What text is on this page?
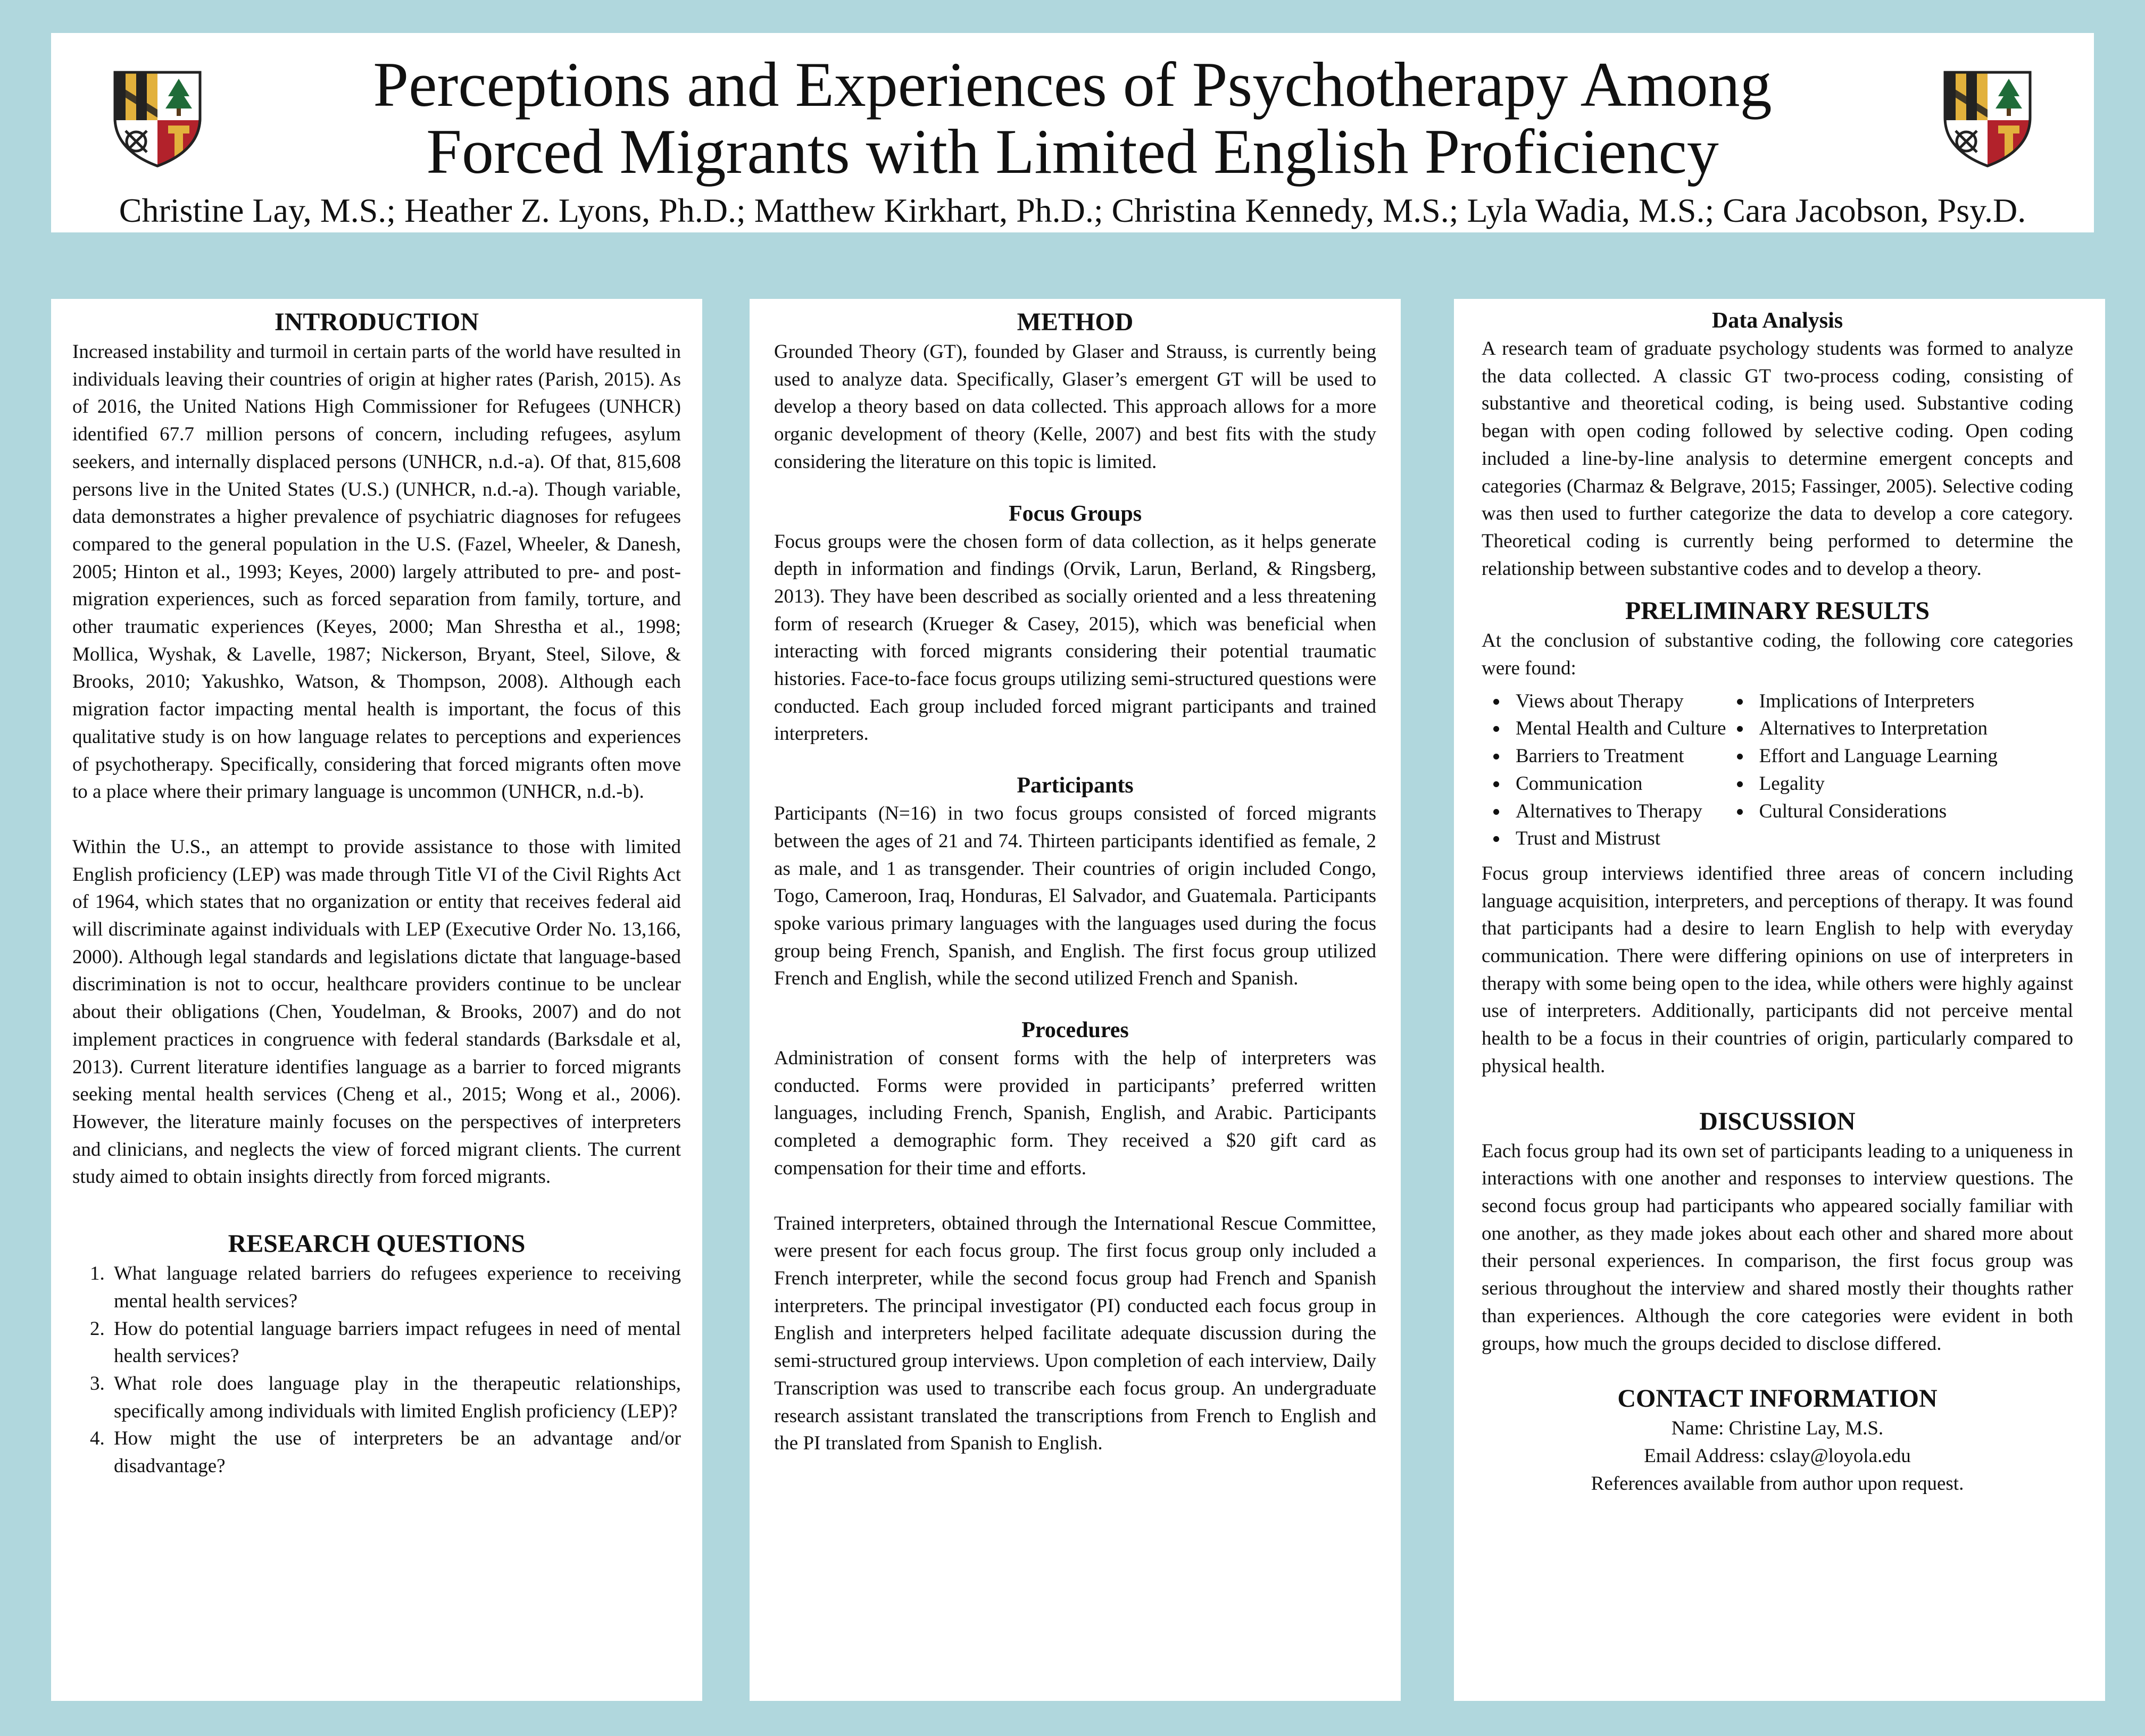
Perceptions and Experiences of Psychotherapy Among
Forced Migrants with Limited English Proficiency
Christine Lay, M.S.; Heather Z. Lyons, Ph.D.; Matthew Kirkhart, Ph.D.; Christina Kennedy, M.S.; Lyla Wadia, M.S.; Cara Jacobson, Psy.D.
INTRODUCTION

Increased instability and turmoil in certain parts of the world have resulted in individuals leaving their countries of origin at higher rates (Parish, 2015). As of 2016, the United Nations High Commissioner for Refugees (UNHCR) identified 67.7 million persons of concern, including refugees, asylum seekers, and internally displaced persons (UNHCR, n.d.-a). Of that, 815,608 persons live in the United States (U.S.) (UNHCR, n.d.-a). Though variable, data demonstrates a higher prevalence of psychiatric diagnoses for refugees compared to the general population in the U.S. (Fazel, Wheeler, & Danesh, 2005; Hinton et al., 1993; Keyes, 2000) largely attributed to pre- and post-migration experiences, such as forced separation from family, torture, and other traumatic experiences (Keyes, 2000; Man Shrestha et al., 1998; Mollica, Wyshak, & Lavelle, 1987; Nickerson, Bryant, Steel, Silove, & Brooks, 2010; Yakushko, Watson, & Thompson, 2008). Although each migration factor impacting mental health is important, the focus of this qualitative study is on how language relates to perceptions and experiences of psychotherapy. Specifically, considering that forced migrants often move to a place where their primary language is uncommon (UNHCR, n.d.-b).

Within the U.S., an attempt to provide assistance to those with limited English proficiency (LEP) was made through Title VI of the Civil Rights Act of 1964, which states that no organization or entity that receives federal aid will discriminate against individuals with LEP (Executive Order No. 13,166, 2000). Although legal standards and legislations dictate that language-based discrimination is not to occur, healthcare providers continue to be unclear about their obligations (Chen, Youdelman, & Brooks, 2007) and do not implement practices in congruence with federal standards (Barksdale et al, 2013). Current literature identifies language as a barrier to forced migrants seeking mental health services (Cheng et al., 2015; Wong et al., 2006). However, the literature mainly focuses on the perspectives of interpreters and clinicians, and neglects the view of forced migrant clients. The current study aimed to obtain insights directly from forced migrants.

RESEARCH QUESTIONS
1. What language related barriers do refugees experience to receiving mental health services?
2. How do potential language barriers impact refugees in need of mental health services?
3. What role does language play in the therapeutic relationships, specifically among individuals with limited English proficiency (LEP)?
4. How might the use of interpreters be an advantage and/or disadvantage?
METHOD

Grounded Theory (GT), founded by Glaser and Strauss, is currently being used to analyze data. Specifically, Glaser’s emergent GT will be used to develop a theory based on data collected. This approach allows for a more organic development of theory (Kelle, 2007) and best fits with the study considering the literature on this topic is limited.

Focus Groups

Focus groups were the chosen form of data collection, as it helps generate depth in information and findings (Orvik, Larun, Berland, & Ringsberg, 2013). They have been described as socially oriented and a less threatening form of research (Krueger & Casey, 2015), which was beneficial when interacting with forced migrants considering their potential traumatic histories. Face-to-face focus groups utilizing semi-structured questions were conducted. Each group included forced migrant participants and trained interpreters.

Participants

Participants (N=16) in two focus groups consisted of forced migrants between the ages of 21 and 74. Thirteen participants identified as female, 2 as male, and 1 as transgender. Their countries of origin included Congo, Togo, Cameroon, Iraq, Honduras, El Salvador, and Guatemala. Participants spoke various primary languages with the languages used during the focus group being French, Spanish, and English. The first focus group utilized French and English, while the second utilized French and Spanish.

Procedures

Administration of consent forms with the help of interpreters was conducted. Forms were provided in participants’ preferred written languages, including French, Spanish, English, and Arabic. Participants completed a demographic form. They received a $20 gift card as compensation for their time and efforts.

Trained interpreters, obtained through the International Rescue Committee, were present for each focus group. The first focus group only included a French interpreter, while the second focus group had French and Spanish interpreters. The principal investigator (PI) conducted each focus group in English and interpreters helped facilitate adequate discussion during the semi-structured group interviews. Upon completion of each interview, Daily Transcription was used to transcribe each focus group. An undergraduate research assistant translated the transcriptions from French to English and the PI translated from Spanish to English.

Data Analysis

A research team of graduate psychology students was formed to analyze the data collected. A classic GT two-process coding, consisting of substantive and theoretical coding, is being used. Substantive coding began with open coding followed by selective coding. Open coding included a line-by-line analysis to determine emergent concepts and categories (Charmaz & Belgrave, 2015; Fassinger, 2005). Selective coding was then used to further categorize the data to develop a core category. Theoretical coding is currently being performed to determine the relationship between substantive codes and to develop a theory.

PRELIMINARY RESULTS

At the conclusion of substantive coding, the following core categories were found:

• Views about Therapy
• Mental Health and Culture
• Barriers to Treatment
• Communication
• Alternatives to Therapy
• Trust and Mistrust
• Implications of Interpreters
• Alternatives to Interpretation
• Effort and Language Learning
• Legality
• Cultural Considerations

Focus group interviews identified three areas of concern including language acquisition, interpreters, and perceptions of therapy. It was found that participants had a desire to learn English to help with everyday communication. There were differing opinions on use of interpreters in therapy with some being open to the idea, while others were highly against use of interpreters. Additionally, participants did not perceive mental health to be a focus in their countries of origin, particularly compared to physical health.

DISCUSSION

Each focus group had its own set of participants leading to a uniqueness in interactions with one another and responses to interview questions. The second focus group had participants who appeared socially familiar with one another, as they made jokes about each other and shared more about their personal experiences. In comparison, the first focus group was serious throughout the interview and shared mostly their thoughts rather than experiences. Although the core categories were evident in both groups, how much the groups decided to disclose differed.

CONTACT INFORMATION

Name: Christine Lay, M.S.

Email Address: cslay@loyola.edu

References available from author upon request.
